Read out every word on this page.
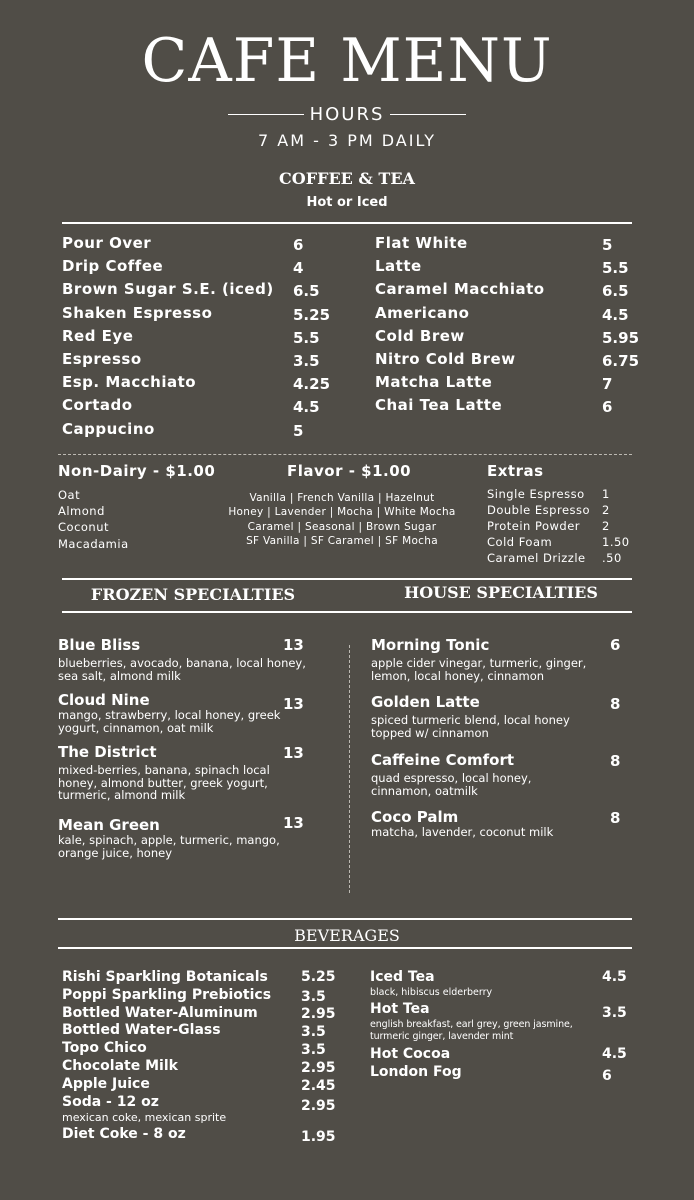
CAFE MENU
HOURS
7 AM - 3 PM DAILY
COFFEE & TEA
Hot or Iced
Pour Over	6
Drip Coffee	4
Brown Sugar S.E. (iced) 6.5
Shaken Espresso	5.25
Red Eye	5.5
Espresso	3.5
Esp. Macchiato	4.25
Cortado	4.5
Cappucino	5
Flat White	5
Latte	5.5
Caramel Macchiato	6.5
Americano	4.5
Cold Brew	5.95
Nitro Cold Brew	6.75
Matcha Latte	7
Chai Tea Latte	6
Non-Dairy - $1.00
Oat
Almond
Coconut
Macadamia
Flavor - $1.00
Vanilla | French Vanilla | Hazelnut
Honey | Lavender | Mocha | White Mocha
Caramel | Seasonal | Brown Sugar
SF Vanilla | SF Caramel | SF Mocha
Extras
Single Espresso 1
Double Espresso 2
Protein Powder 2
Cold Foam	1.50
Caramel Drizzle .50
FROZEN SPECIALTIES	HOUSE SPECIALTIES
Blue Bliss	13
blueberries, avocado, banana, local honey, sea salt, almond milk
Cloud Nine	13
mango, strawberry, local honey, greek yogurt, cinnamon, oat milk
The District	13
mixed-berries, banana, spinach local honey, almond butter, greek yogurt, turmeric, almond milk
Mean Green	13
kale, spinach, apple, turmeric, mango, orange juice, honey
Morning Tonic	6
apple cider vinegar, turmeric, ginger, lemon, local honey, cinnamon
Golden Latte	8
spiced turmeric blend, local honey topped w/ cinnamon
Caffeine Comfort	8
quad espresso, local honey, cinnamon, oatmilk
Coco Palm	8
matcha, lavender, coconut milk
BEVERAGES
Rishi Sparkling Botanicals 5.25
Poppi Sparkling Prebiotics 3.5
Bottled Water-Aluminum	2.95
Bottled Water-Glass	3.5
Topo Chico	3.5
Chocolate Milk	2.95
Apple Juice	2.45
Soda - 12 oz	2.95
mexican coke, mexican sprite
Diet Coke - 8 oz	1.95
Iced Tea	4.5
black, hibiscus elderberry
Hot Tea	3.5
english breakfast, earl grey, green jasmine, turmeric ginger, lavender mint
Hot Cocoa	4.5
London Fog	6
